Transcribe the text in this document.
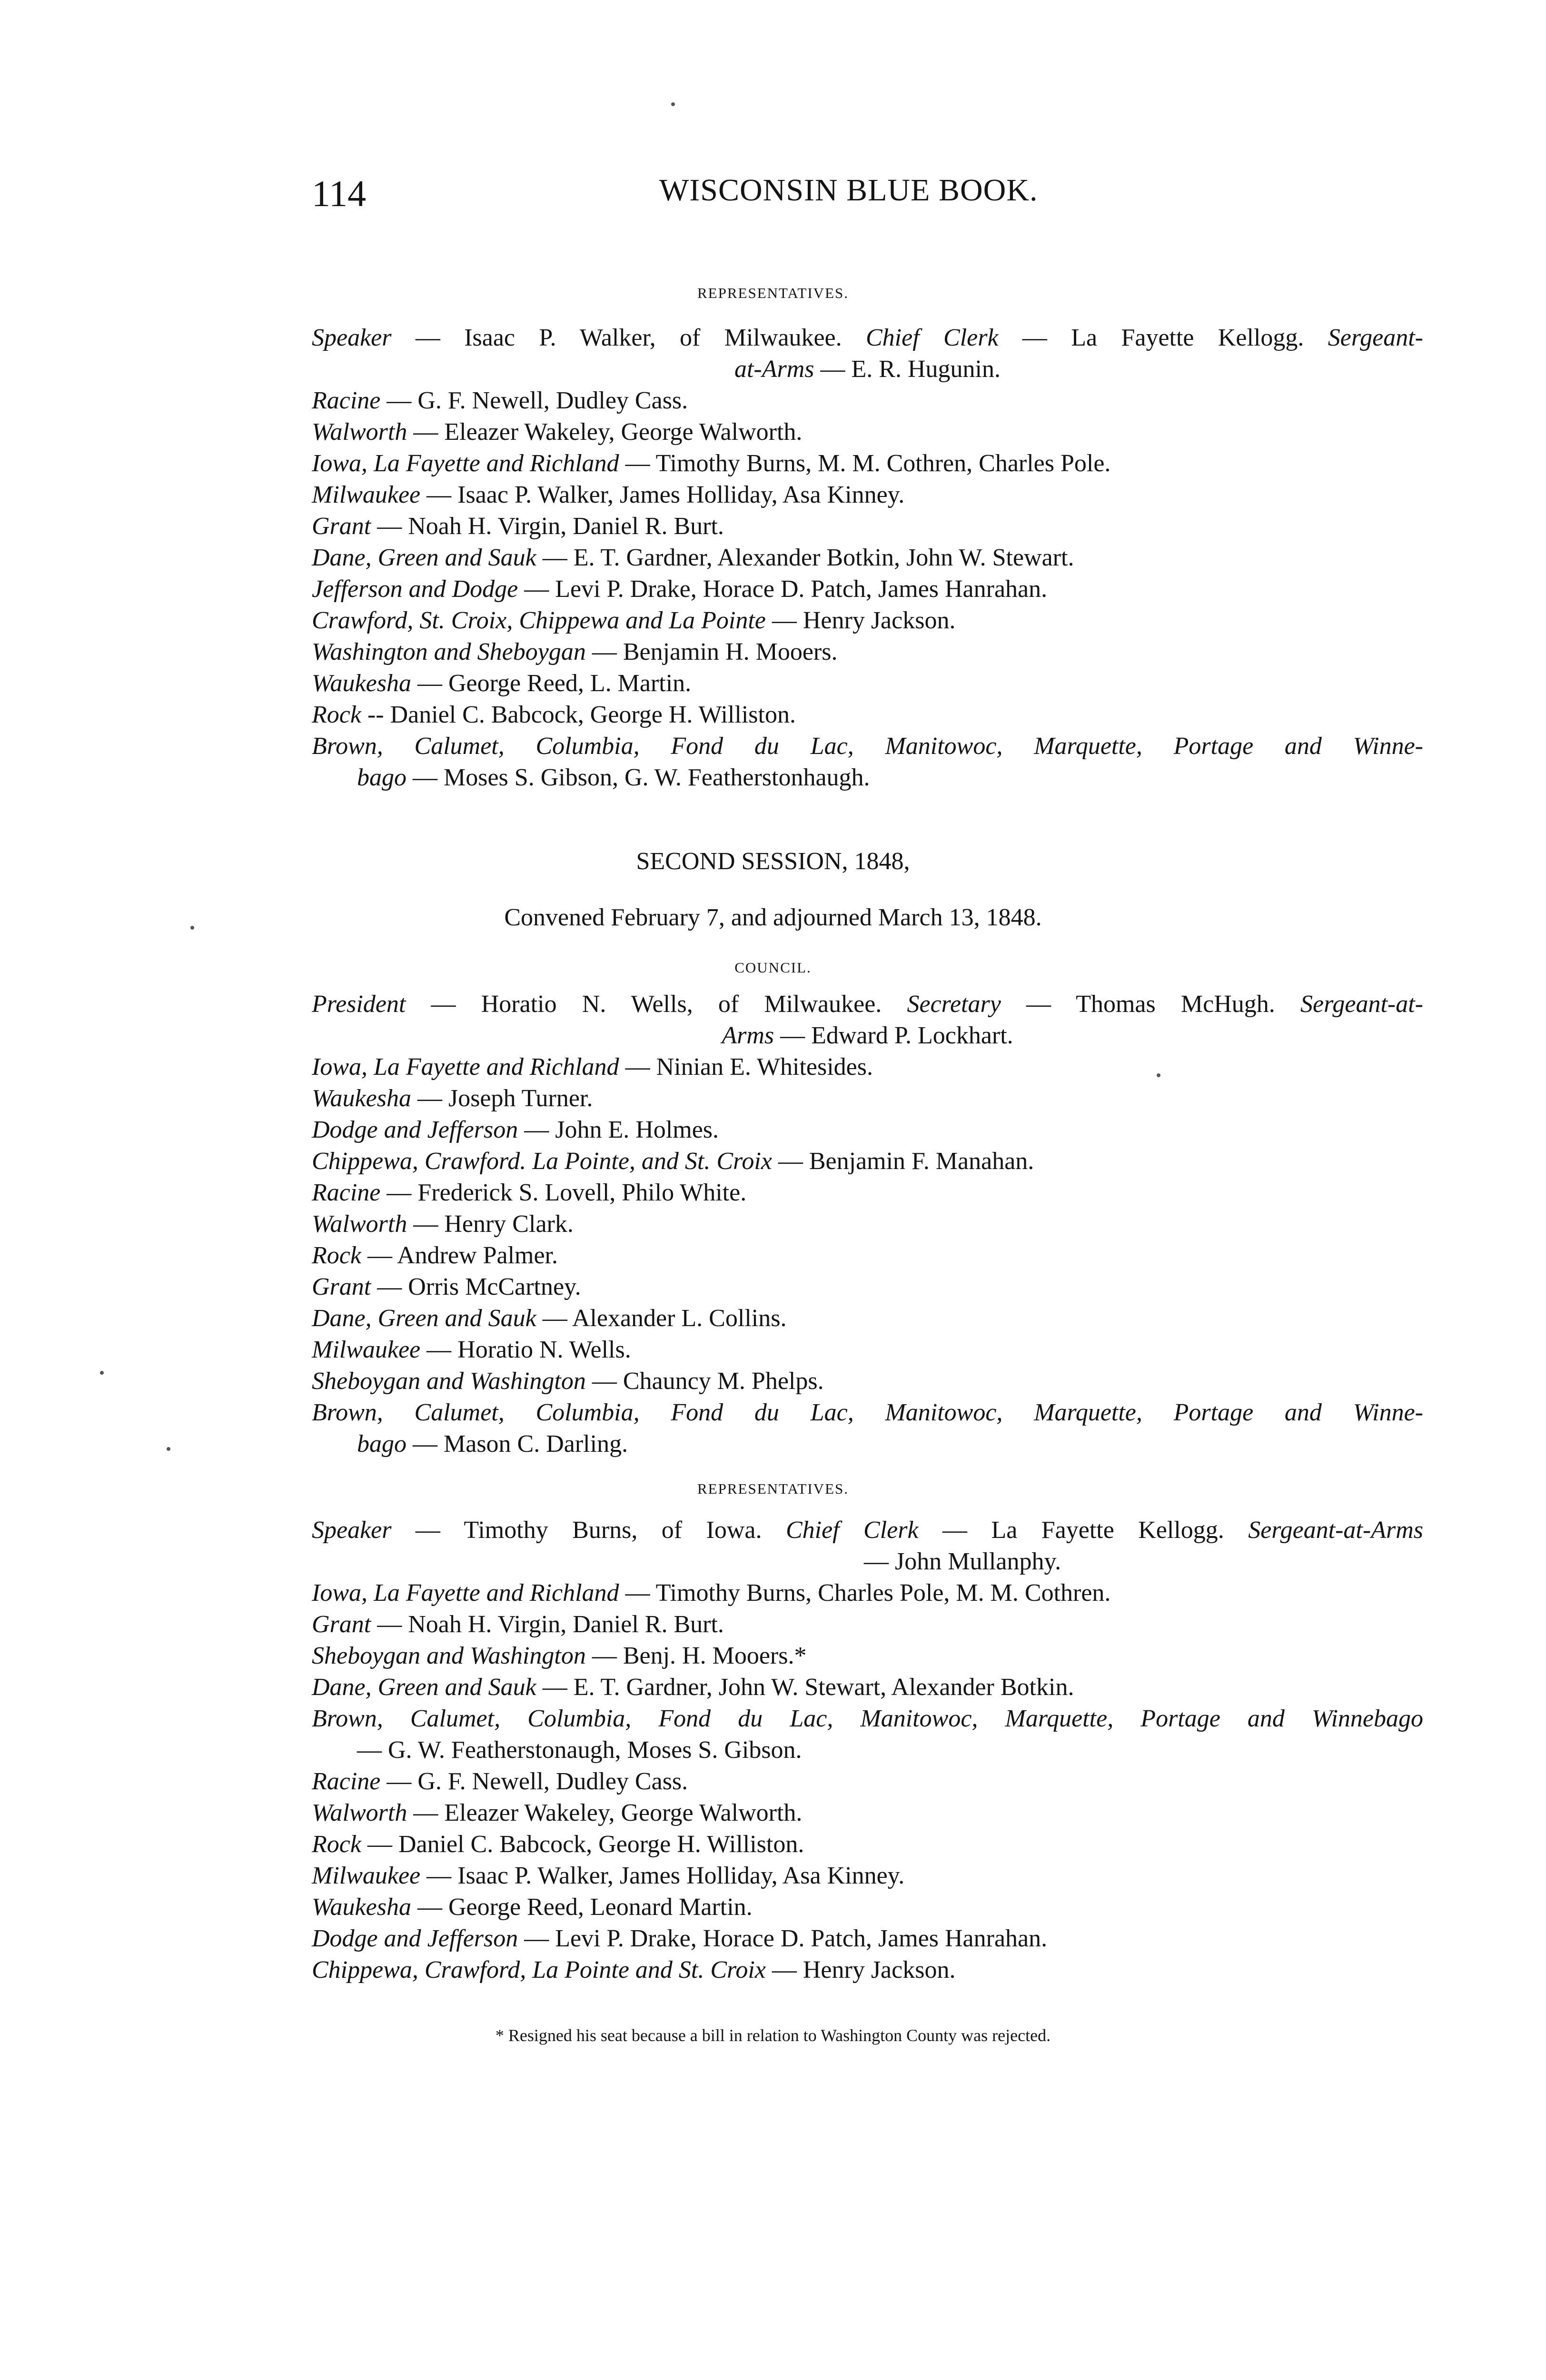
114	WISCONSIN BLUE BOOK.
REPRESENTATIVES.
Speaker — Isaac P. Walker, of Milwaukee. Chief Clerk — La Fayette Kellogg. Sergeant-
at-Arms — E. R. Hugunin.
Racine — G. F. Newell, Dudley Cass.
Walworth — Eleazer Wakeley, George Walworth.
Iowa, La Fayette and Richland — Timothy Burns, M. M. Cothren, Charles Pole.
Milwaukee — Isaac P. Walker, James Holliday, Asa Kinney.
Grant — Noah H. Virgin, Daniel R. Burt.
Dane, Green and Sauk — E. T. Gardner, Alexander Botkin, John W. Stewart.
Jefferson and Dodge — Levi P. Drake, Horace D. Patch, James Hanrahan.
Crawford, St. Croix, Chippewa and La Pointe — Henry Jackson.
Washington and Sheboygan — Benjamin H. Mooers.
Waukesha — George Reed, L. Martin.
Rock -- Daniel C. Babcock, George H. Williston.
Brown, Calumet, Columbia, Fond du Lac, Manitowoc, Marquette, Portage and Winne-
bago — Moses S. Gibson, G. W. Featherstonhaugh.
SECOND SESSION, 1848,
Convened February 7, and adjourned March 13, 1848.
COUNCIL.
President — Horatio N. Wells, of Milwaukee. Secretary — Thomas McHugh. Sergeant-at-
Arms — Edward P. Lockhart.
Iowa, La Fayette and Richland — Ninian E. Whitesides.
Waukesha — Joseph Turner.
Dodge and Jefferson — John E. Holmes.
Chippewa, Crawford. La Pointe, and St. Croix — Benjamin F. Manahan.
Racine — Frederick S. Lovell, Philo White.
Walworth — Henry Clark.
Rock — Andrew Palmer.
Grant — Orris McCartney.
Dane, Green and Sauk — Alexander L. Collins.
Milwaukee — Horatio N. Wells.
Sheboygan and Washington — Chauncy M. Phelps.
Brown, Calumet, Columbia, Fond du Lac, Manitowoc, Marquette, Portage and Winne-
bago — Mason C. Darling.
REPRESENTATIVES.
Speaker — Timothy Burns, of Iowa. Chief Clerk — La Fayette Kellogg. Sergeant-at-Arms
— John Mullanphy.
Iowa, La Fayette and Richland — Timothy Burns, Charles Pole, M. M. Cothren.
Grant — Noah H. Virgin, Daniel R. Burt.
Sheboygan and Washington — Benj. H. Mooers.*
Dane, Green and Sauk — E. T. Gardner, John W. Stewart, Alexander Botkin.
Brown, Calumet, Columbia, Fond du Lac, Manitowoc, Marquette, Portage and Winnebago
— G. W. Featherstonaugh, Moses S. Gibson.
Racine — G. F. Newell, Dudley Cass.
Walworth — Eleazer Wakeley, George Walworth.
Rock — Daniel C. Babcock, George H. Williston.
Milwaukee — Isaac P. Walker, James Holliday, Asa Kinney.
Waukesha — George Reed, Leonard Martin.
Dodge and Jefferson — Levi P. Drake, Horace D. Patch, James Hanrahan.
Chippewa, Crawford, La Pointe and St. Croix — Henry Jackson.
* Resigned his seat because a bill in relation to Washington County was rejected.
